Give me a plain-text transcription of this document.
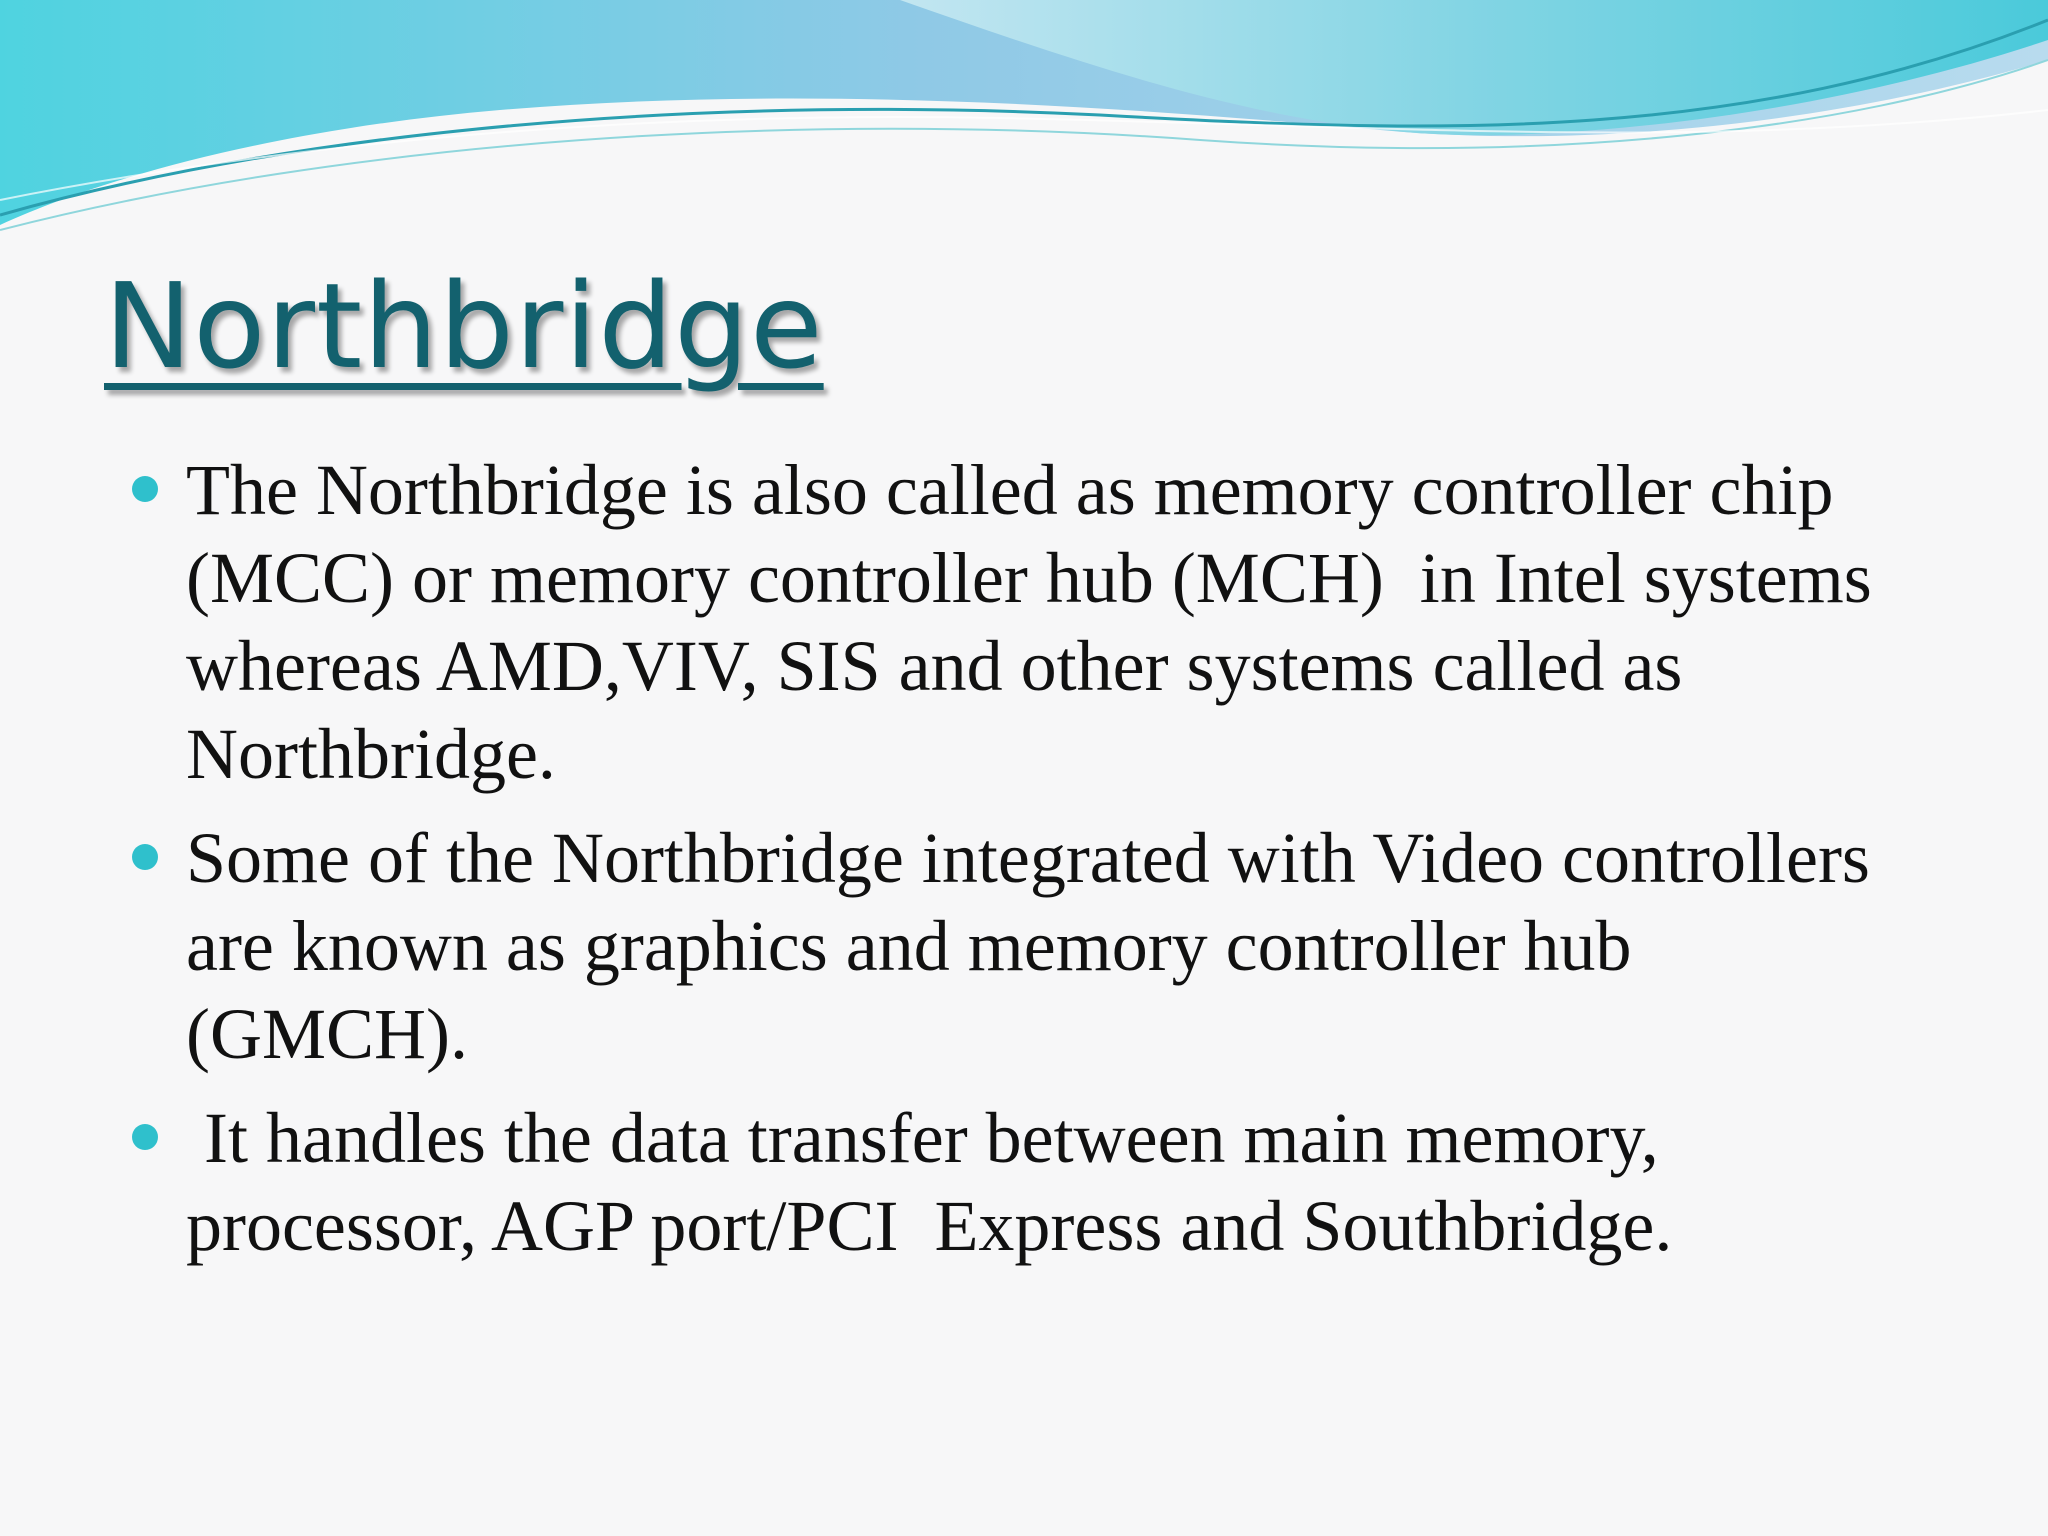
Northbridge
The Northbridge is also called as memory controller chip (MCC) or memory controller hub (MCH)  in Intel systems whereas AMD,VIV, SIS and other systems called as Northbridge.
Some of the Northbridge integrated with Video controllers are known as graphics and memory controller hub (GMCH).
It handles the data transfer between main memory, processor, AGP port/PCI  Express and Southbridge.
